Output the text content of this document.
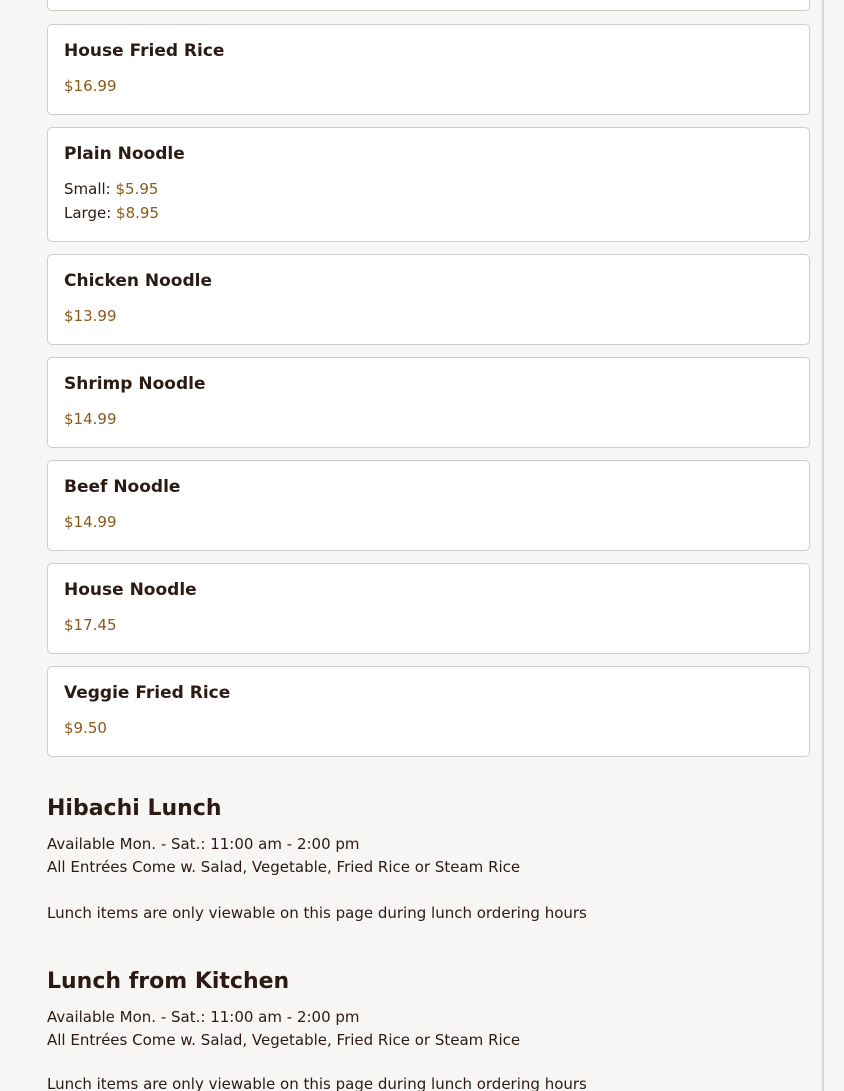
House Fried Rice
$16.99
Plain Noodle
Small: $5.95
Large: $8.95
Chicken Noodle
$13.99
Shrimp Noodle
$14.99
Beef Noodle
$14.99
House Noodle
$17.45
Veggie Fried Rice
$9.50
Hibachi Lunch
Available Mon. - Sat.: 11:00 am - 2:00 pm
All Entrées Come w. Salad, Vegetable, Fried Rice or Steam Rice
Lunch items are only viewable on this page during lunch ordering hours
Lunch from Kitchen
Available Mon. - Sat.: 11:00 am - 2:00 pm
All Entrées Come w. Salad, Vegetable, Fried Rice or Steam Rice
Lunch items are only viewable on this page during lunch ordering hours
